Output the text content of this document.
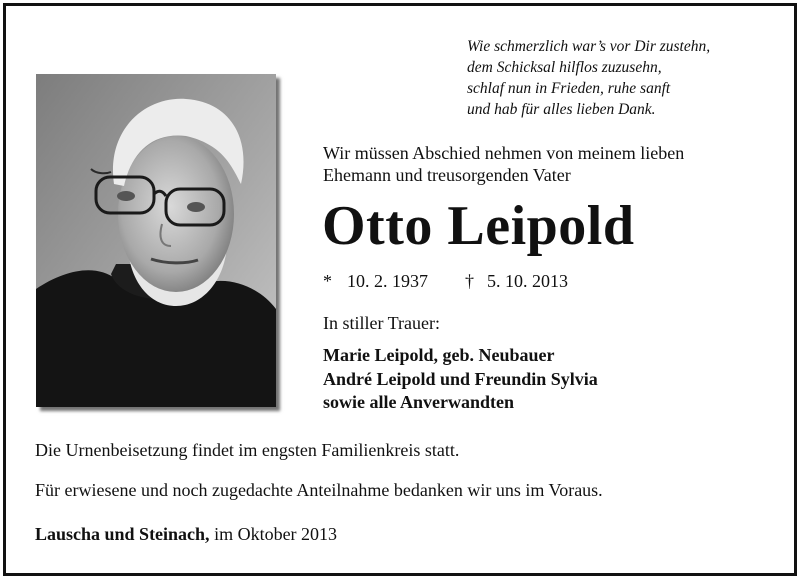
Wie schmerzlich war’s vor Dir zustehn,
dem Schicksal hilflos zuzusehn,
schlaf nun in Frieden, ruhe sanft
und hab für alles lieben Dank.
Wir müssen Abschied nehmen von meinem lieben
Ehemann und treusorgenden Vater
Otto Leipold
* 10. 2. 1937 † 5. 10. 2013
In stiller Trauer:
Marie Leipold, geb. Neubauer
André Leipold und Freundin Sylvia
sowie alle Anverwandten
Die Urnenbeisetzung findet im engsten Familienkreis statt.
Für erwiesene und noch zugedachte Anteilnahme bedanken wir uns im Voraus.
Lauscha und Steinach, im Oktober 2013
